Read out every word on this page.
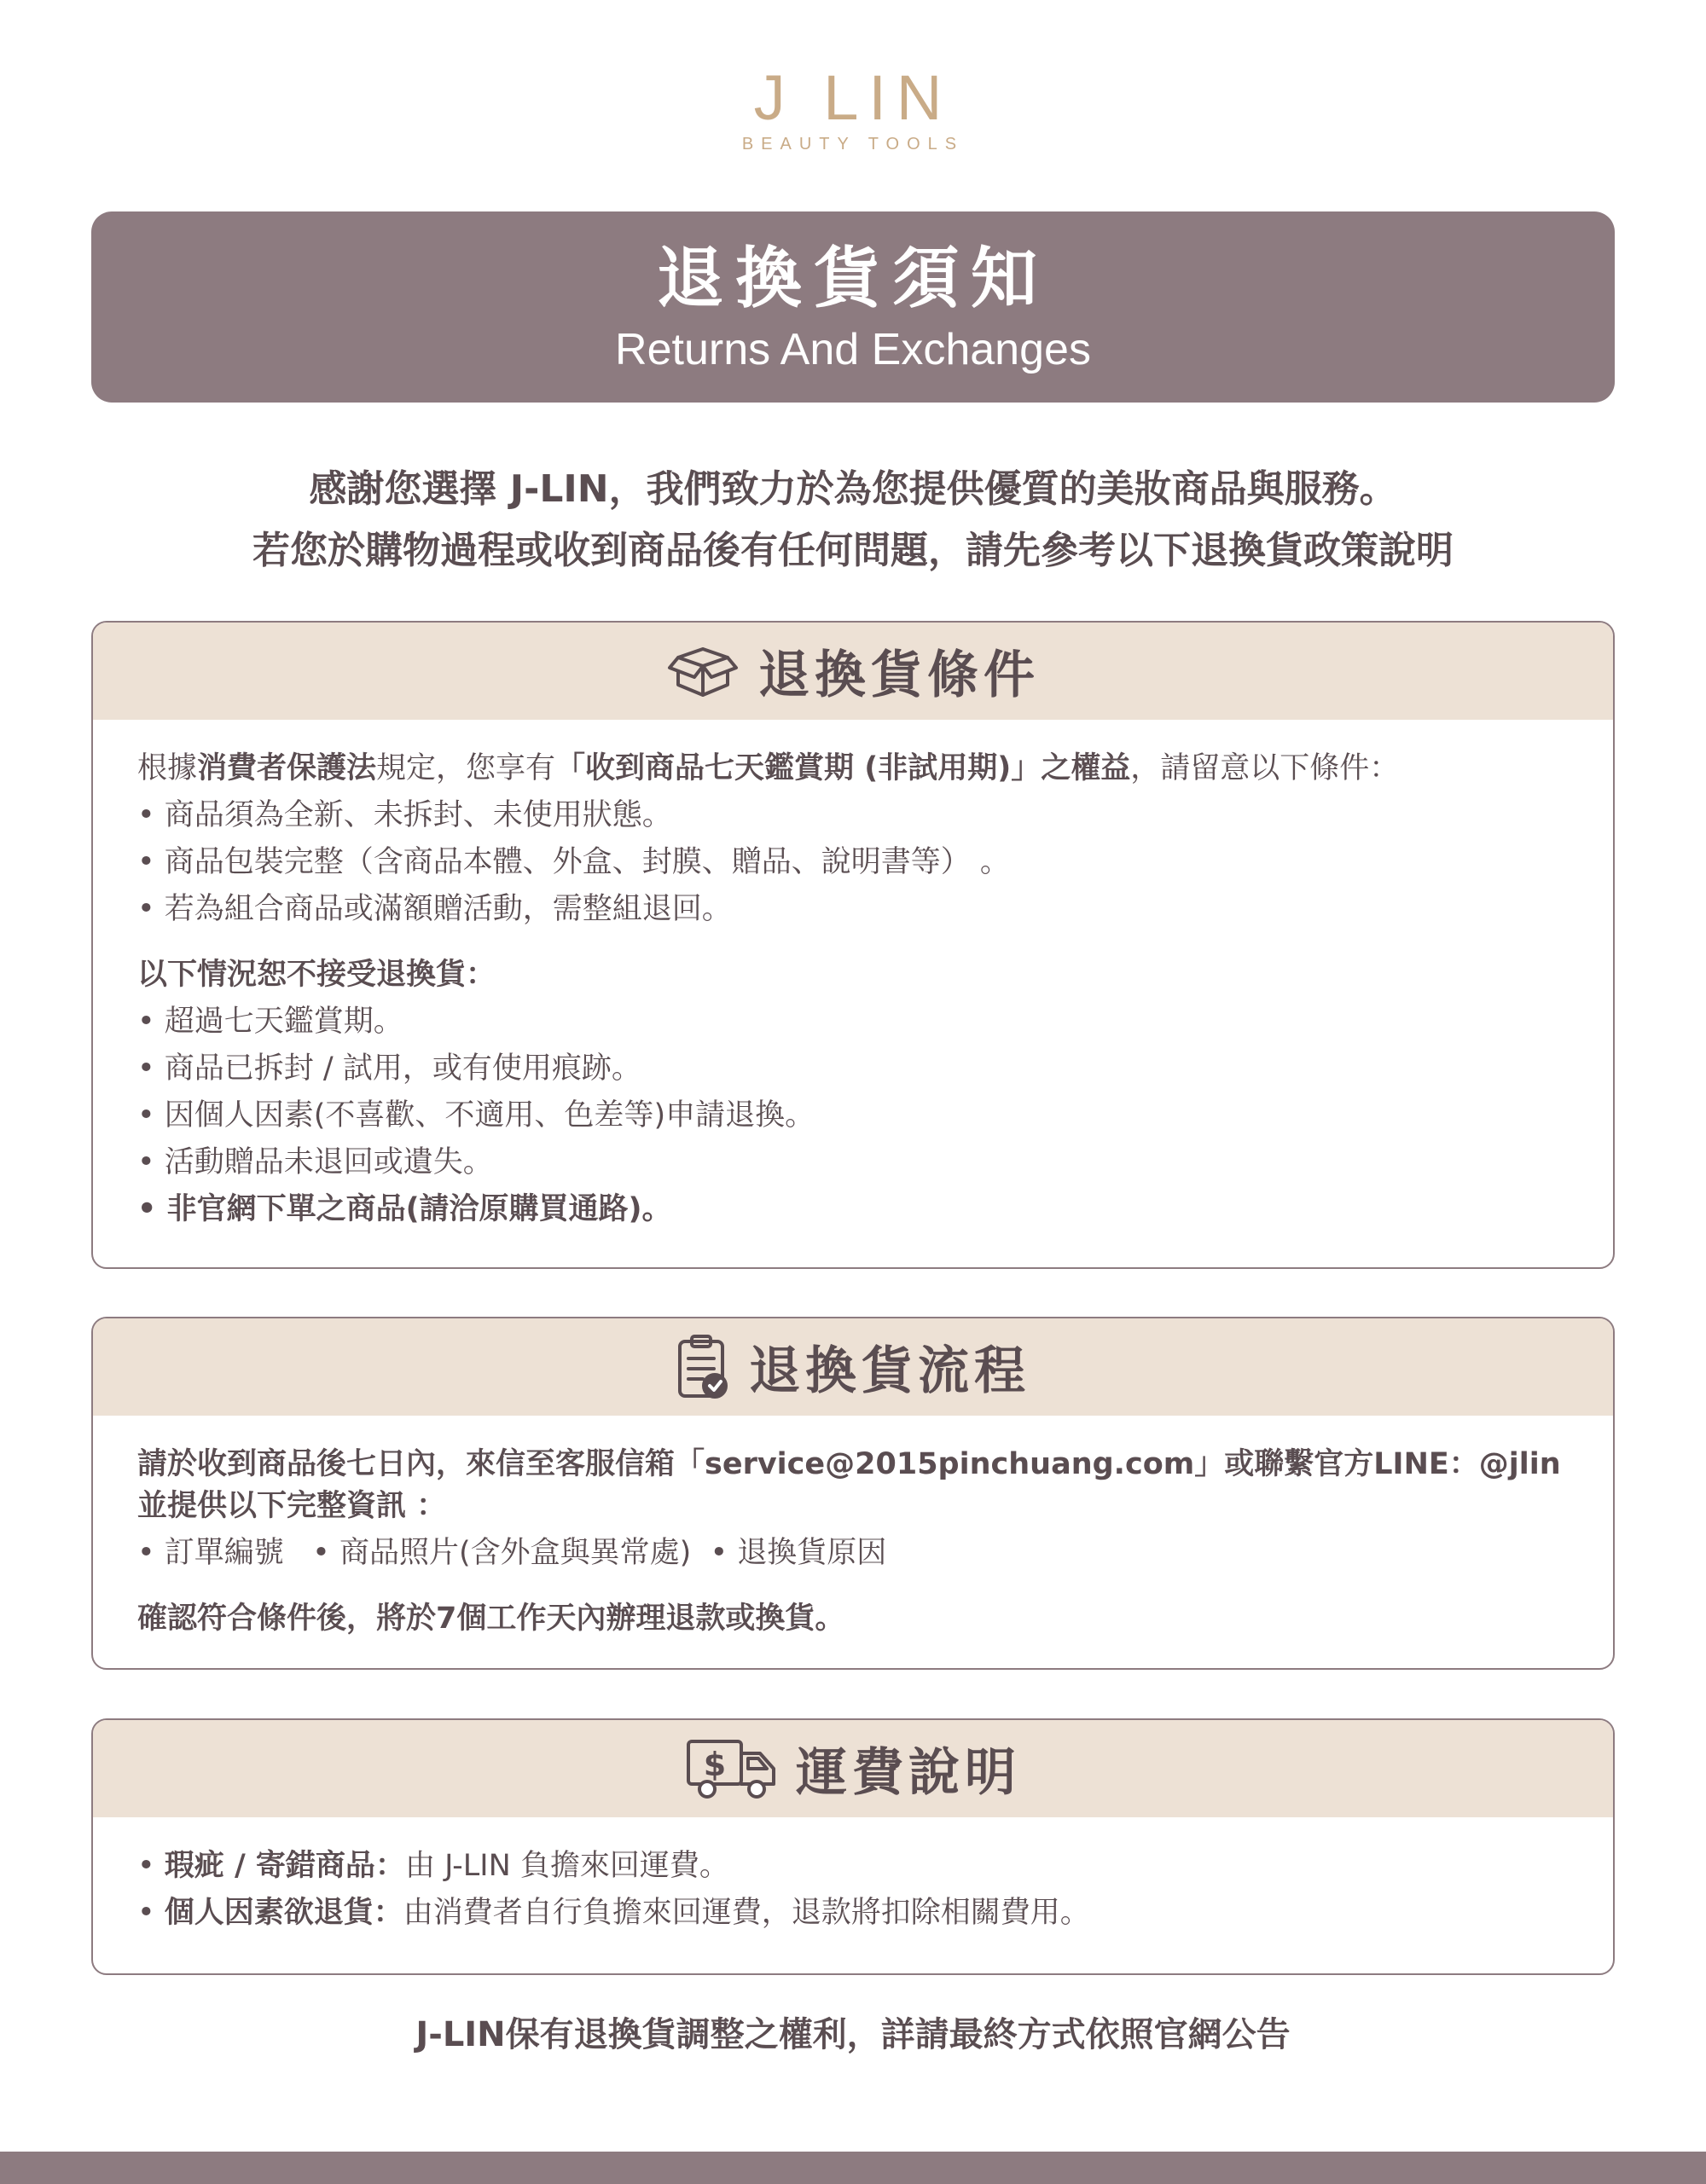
J LIN
BEAUTY TOOLS
退換貨須知
Returns And Exchanges
感謝您選擇 J-LIN，我們致力於為您提供優質的美妝商品與服務。
若您於購物過程或收到商品後有任何問題，請先參考以下退換貨政策說明
退換貨條件
根據消費者保護法規定，您享有「收到商品七天鑑賞期 (非試用期)」之權益，請留意以下條件：
• 商品須為全新、未拆封、未使用狀態。
• 商品包裝完整（含商品本體、外盒、封膜、贈品、說明書等） 。
• 若為組合商品或滿額贈活動，需整組退回。
以下情況恕不接受退換貨：
• 超過七天鑑賞期。
• 商品已拆封 / 試用，或有使用痕跡。
• 因個人因素(不喜歡、不適用、色差等)申請退換。
• 活動贈品未退回或遺失。
• 非官網下單之商品(請洽原購買通路)。
退換貨流程
請於收到商品後七日內，來信至客服信箱「service@2015pinchuang.com」或聯繫官方LINE：@jlin
並提供以下完整資訊 ：
• 訂單編號   • 商品照片(含外盒與異常處)  • 退換貨原因
確認符合條件後，將於7個工作天內辦理退款或換貨。
$ 運費說明
• 瑕疵 / 寄錯商品：由 J-LIN 負擔來回運費。
• 個人因素欲退貨：由消費者自行負擔來回運費，退款將扣除相關費用。
J-LIN保有退換貨調整之權利，詳請最終方式依照官網公告
